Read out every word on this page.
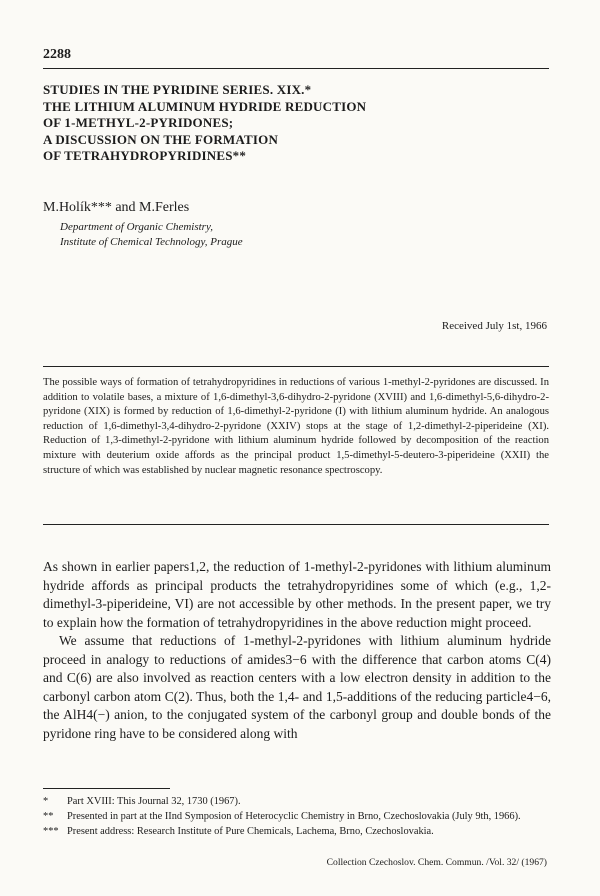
2288
STUDIES IN THE PYRIDINE SERIES. XIX.*
THE LITHIUM ALUMINUM HYDRIDE REDUCTION
OF 1-METHYL-2-PYRIDONES;
A DISCUSSION ON THE FORMATION
OF TETRAHYDROPYRIDINES**
M.Holík*** and M.Ferles
Department of Organic Chemistry,
Institute of Chemical Technology, Prague
Received July 1st, 1966
The possible ways of formation of tetrahydropyridines in reductions of various 1-methyl-2-pyridones are discussed. In addition to volatile bases, a mixture of 1,6-dimethyl-3,6-dihydro-2-pyridone (XVIII) and 1,6-dimethyl-5,6-dihydro-2-pyridone (XIX) is formed by reduction of 1,6-dimethyl-2-pyridone (I) with lithium aluminum hydride. An analogous reduction of 1,6-dimethyl-3,4-dihydro-2-pyridone (XXIV) stops at the stage of 1,2-dimethyl-2-piperideine (XI). Reduction of 1,3-dimethyl-2-pyridone with lithium aluminum hydride followed by decomposition of the reaction mixture with deuterium oxide affords as the principal product 1,5-dimethyl-5-deutero-3-piperideine (XXII) the structure of which was established by nuclear magnetic resonance spectroscopy.

As shown in earlier papers1,2, the reduction of 1-methyl-2-pyridones with lithium aluminum hydride affords as principal products the tetrahydropyridines some of which (e.g., 1,2-dimethyl-3-piperideine, VI) are not accessible by other methods. In the present paper, we try to explain how the formation of tetrahydropyridines in the above reduction might proceed.

We assume that reductions of 1-methyl-2-pyridones with lithium aluminum hydride proceed in analogy to reductions of amides3−6 with the difference that carbon atoms C(4) and C(6) are also involved as reaction centers with a low electron density in addition to the carbonyl carbon atom C(2). Thus, both the 1,4- and 1,5-additions of the reducing particle4−6, the AlH4(−) anion, to the conjugated system of the carbonyl group and double bonds of the pyridone ring have to be considered along with

*	Part XVIII: This Journal 32, 1730 (1967).
**	Presented in part at the IInd Symposion of Heterocyclic Chemistry in Brno, Czechoslovakia (July 9th, 1966).
*** Present address: Research Institute of Pure Chemicals, Lachema, Brno, Czechoslovakia.
Collection Czechoslov. Chem. Commun. /Vol. 32/ (1967)
